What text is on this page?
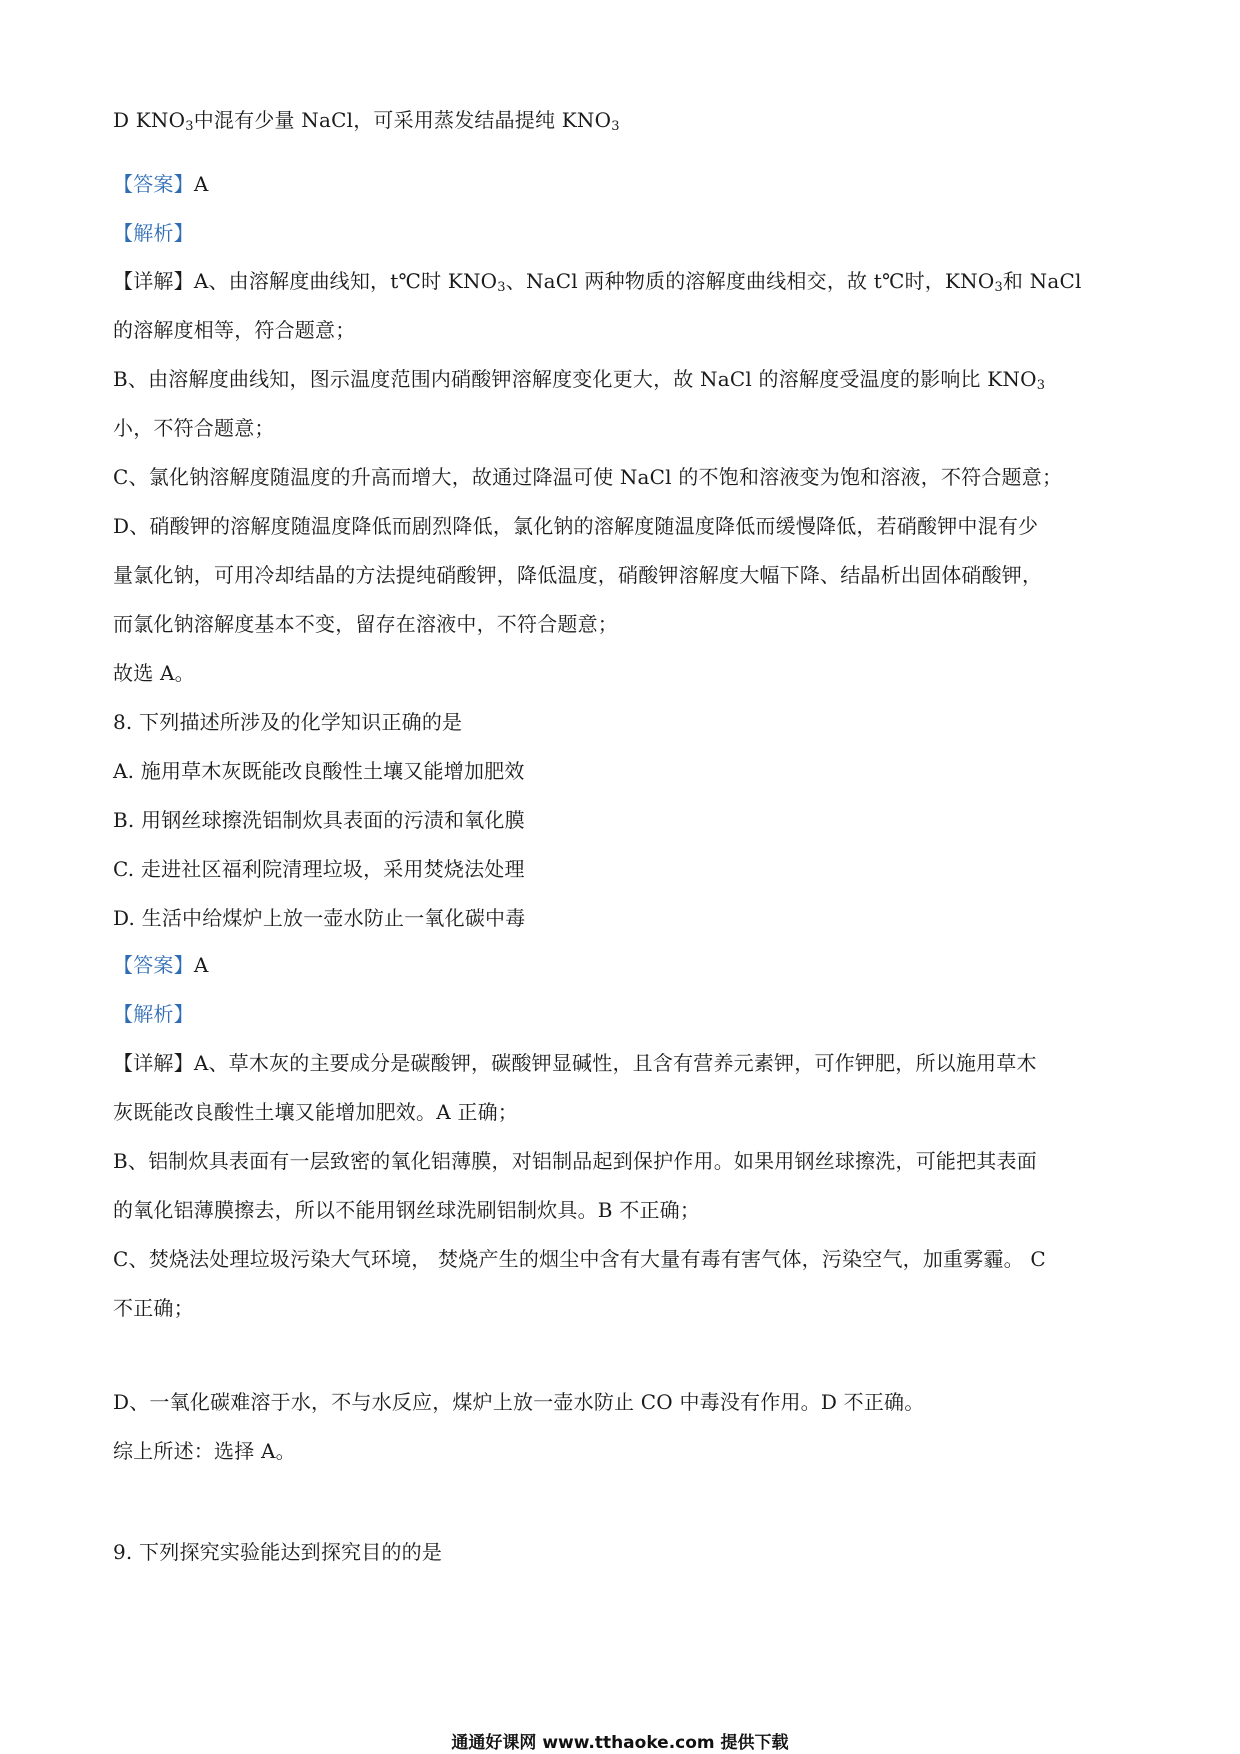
D $KNO_3$中混有少量 NaCl，可采用蒸发结晶提纯 $KNO_3$
【答案】A
【解析】
【详解】A、由溶解度曲线知，t℃时 $KNO_3$、NaCl 两种物质的溶解度曲线相交，故 t℃时，$KNO_3$和 NaCl
的溶解度相等，符合题意；
B、由溶解度曲线知，图示温度范围内硝酸钾溶解度变化更大，故 NaCl 的溶解度受温度的影响比 $KNO_3$
小，不符合题意；
C、氯化钠溶解度随温度的升高而增大，故通过降温可使 NaCl 的不饱和溶液变为饱和溶液，不符合题意；
D、硝酸钾的溶解度随温度降低而剧烈降低，氯化钠的溶解度随温度降低而缓慢降低，若硝酸钾中混有少
量氯化钠，可用冷却结晶的方法提纯硝酸钾，降低温度，硝酸钾溶解度大幅下降、结晶析出固体硝酸钾，
而氯化钠溶解度基本不变，留存在溶液中，不符合题意；
故选 A。
8. 下列描述所涉及的化学知识正确的是
A. 施用草木灰既能改良酸性土壤又能增加肥效
B. 用钢丝球擦洗铝制炊具表面的污渍和氧化膜
C. 走进社区福利院清理垃圾，采用焚烧法处理
D. 生活中给煤炉上放一壶水防止一氧化碳中毒
【答案】A
【解析】
【详解】A、草木灰的主要成分是碳酸钾，碳酸钾显碱性，且含有营养元素钾，可作钾肥，所以施用草木
灰既能改良酸性土壤又能增加肥效。A 正确；
B、铝制炊具表面有一层致密的氧化铝薄膜，对铝制品起到保护作用。如果用钢丝球擦洗，可能把其表面
的氧化铝薄膜擦去，所以不能用钢丝球洗刷铝制炊具。B 不正确；
C、焚烧法处理垃圾污染大气环境， 焚烧产生的烟尘中含有大量有毒有害气体，污染空气，加重雾霾。 C
不正确；
D、一氧化碳难溶于水，不与水反应，煤炉上放一壶水防止 CO 中毒没有作用。D 不正确。
综上所述：选择 A。
9. 下列探究实验能达到探究目的的是
通通好课网 www.tthaoke.com 提供下载
